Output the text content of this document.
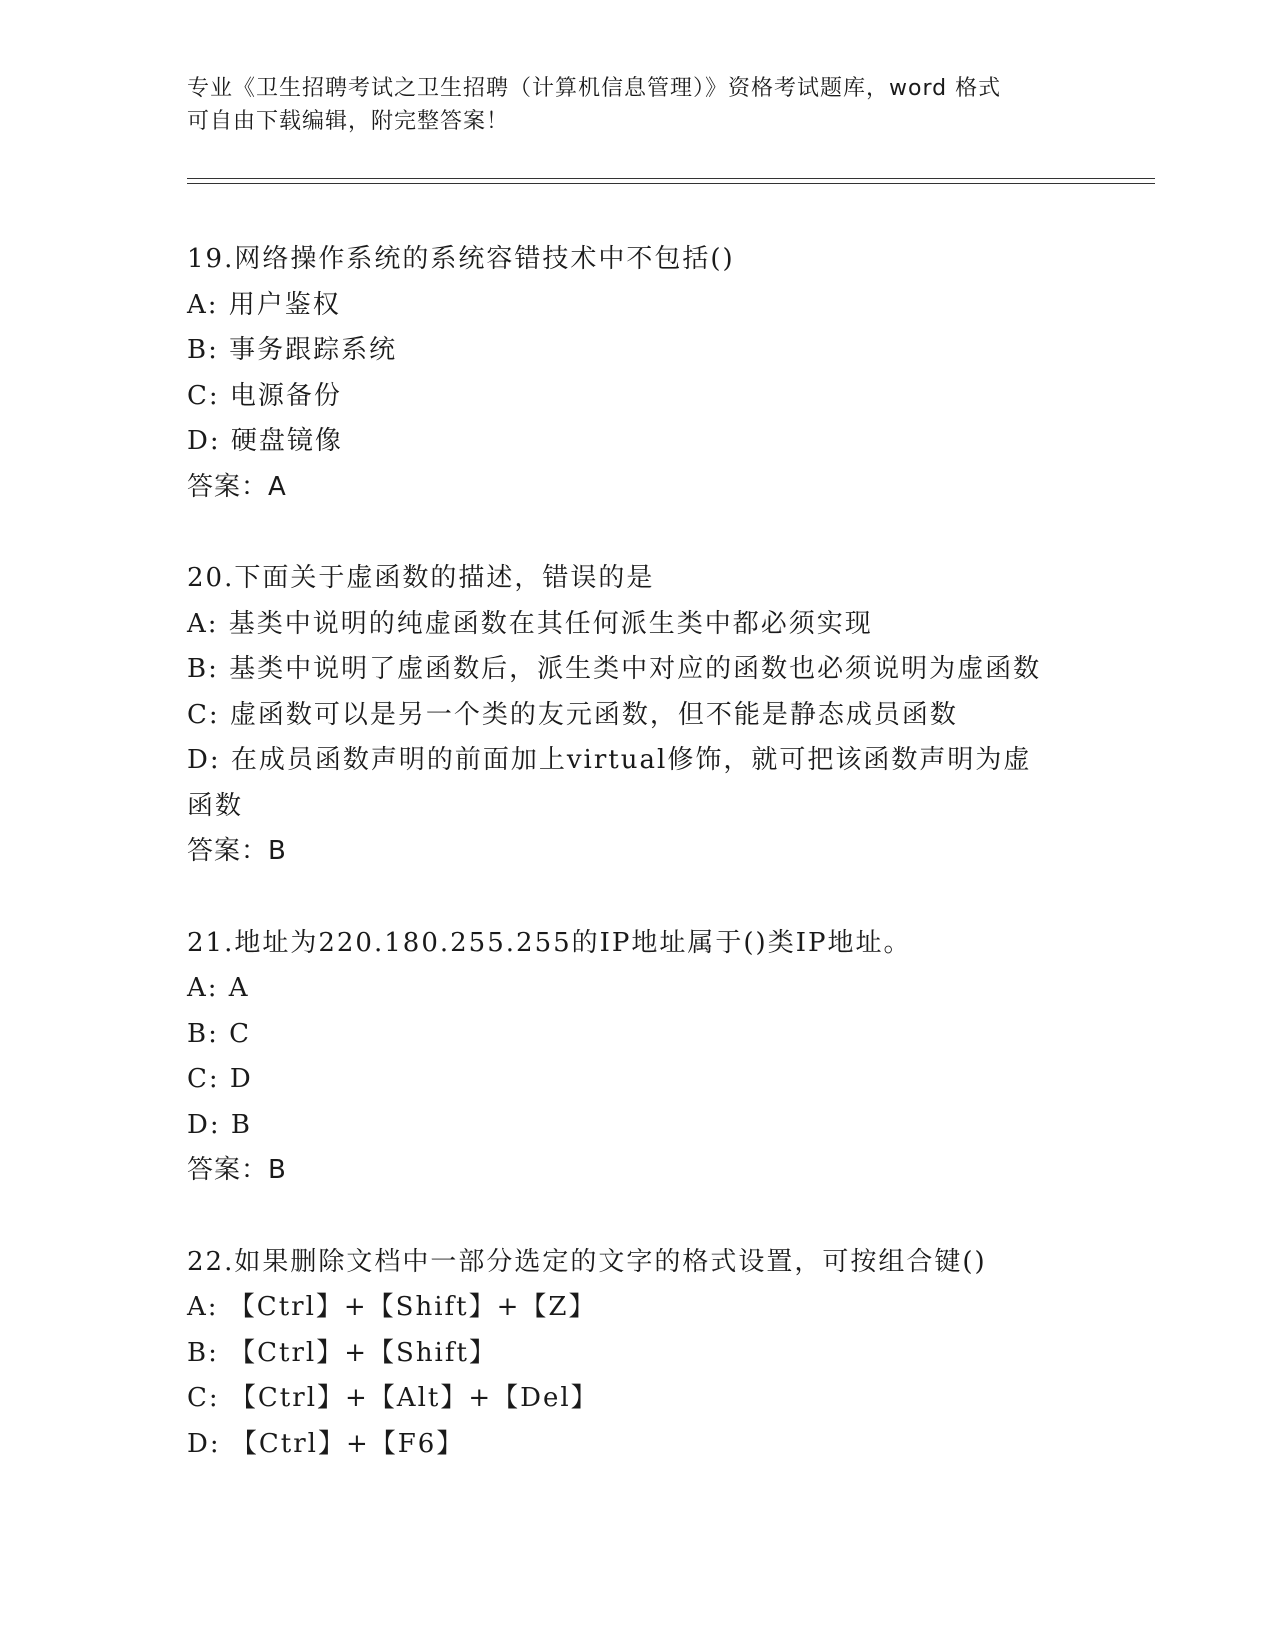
专业《卫生招聘考试之卫生招聘（计算机信息管理）》资格考试题库，word 格式
可自由下载编辑，附完整答案！
19.网络操作系统的系统容错技术中不包括()
A: 用户鉴权
B: 事务跟踪系统
C: 电源备份
D: 硬盘镜像
答案：A
20.下面关于虚函数的描述，错误的是
A: 基类中说明的纯虚函数在其任何派生类中都必须实现
B: 基类中说明了虚函数后，派生类中对应的函数也必须说明为虚函数
C: 虚函数可以是另一个类的友元函数，但不能是静态成员函数
D: 在成员函数声明的前面加上virtual修饰，就可把该函数声明为虚
函数
答案：B
21.地址为220.180.255.255的IP地址属于()类IP地址。
A: A
B: C
C: D
D: B
答案：B
22.如果删除文档中一部分选定的文字的格式设置，可按组合键()
A: 【Ctrl】+【Shift】+【Z】
B: 【Ctrl】+【Shift】
C: 【Ctrl】+【Alt】+【Del】
D: 【Ctrl】+【F6】
